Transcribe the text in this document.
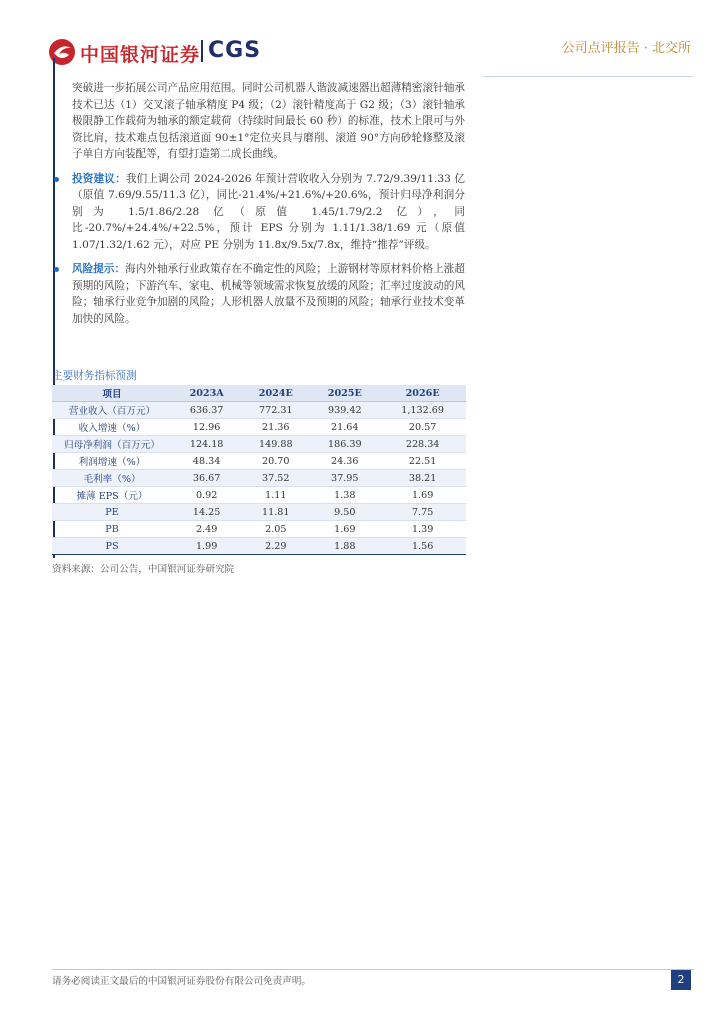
中国银河证券 CGS	公司点评报告 · 北交所

突破进一步拓展公司产品应用范围。同时公司机器人谐波减速器出超薄精密滚针轴承技术已达（1）交叉滚子轴承精度 P4 级；（2）滚针精度高于 G2 级；（3）滚针轴承极限静工作载荷为轴承的额定载荷（持续时间最长 60 秒）的标准，技术上限可与外资比肩，技术难点包括滚道面 90±1°定位夹具与磨削、滚道 90°方向砂轮修整及滚子单自方向装配等，有望打造第二成长曲线。

投资建议：我们上调公司 2024-2026 年预计营收收入分别为 7.72/9.39/11.33 亿（原值 7.69/9.55/11.3 亿），同比-21.4%/+21.6%/+20.6%，预计归母净利润分别为 1.5/1.86/2.28 亿（原值 1.45/1.79/2.2 亿），同比-20.7%/+24.4%/+22.5%，预计 EPS 分别为 1.11/1.38/1.69 元（原值 1.07/1.32/1.62 元），对应 PE 分别为 11.8x/9.5x/7.8x，维持“推荐”评级。

风险提示：海内外轴承行业政策存在不确定性的风险；上游钢材等原材料价格上涨超预期的风险；下游汽车、家电、机械等领域需求恢复放缓的风险；汇率过度波动的风险；轴承行业竞争加剧的风险；人形机器人放量不及预期的风险；轴承行业技术变革加快的风险。

主要财务指标预测
项目	2023A	2024E	2025E	2026E
营业收入（百万元）	636.37	772.31	939.42	1,132.69
收入增速（%）	12.96	21.36	21.64	20.57
归母净利润（百万元）	124.18	149.88	186.39	228.34
利润增速（%）	48.34	20.70	24.36	22.51
毛利率（%）	36.67	37.52	37.95	38.21
摊薄 EPS（元）	0.92	1.11	1.38	1.69
PE	14.25	11.81	9.50	7.75
PB	2.49	2.05	1.69	1.39
PS	1.99	2.29	1.88	1.56
资料来源：公司公告，中国银河证券研究院
请务必阅读正文最后的中国银河证券股份有限公司免责声明。	2
